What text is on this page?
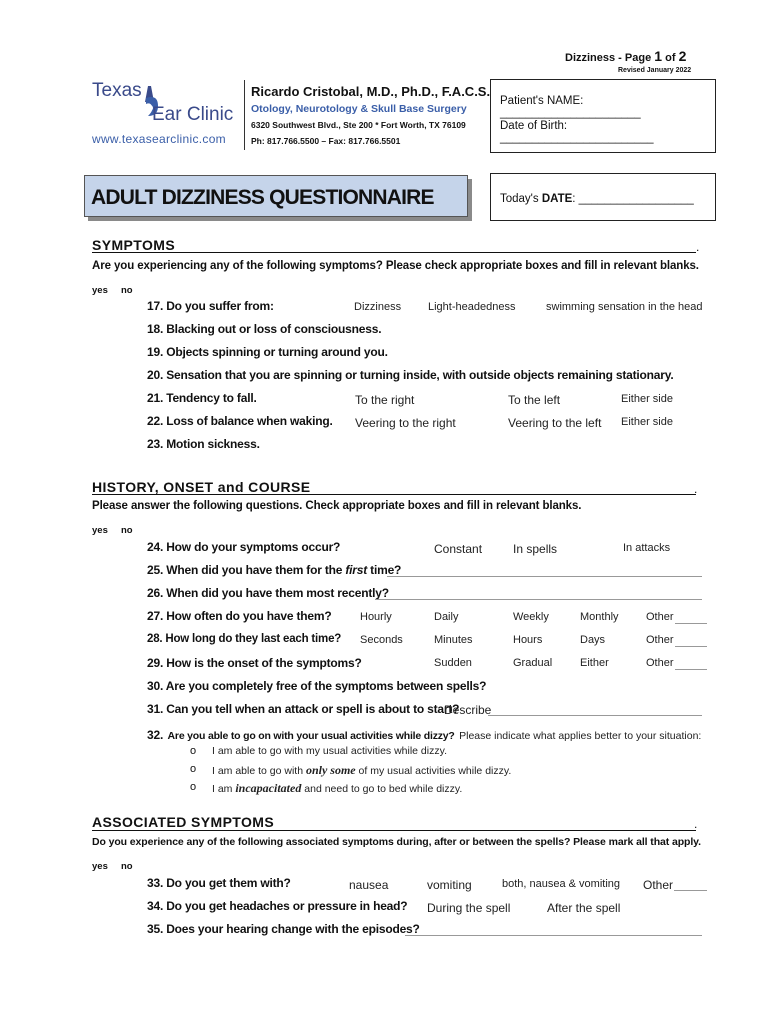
Dizziness - Page 1 of 2
Revised January 2022
Texas
Ear Clinic
www.texasearclinic.com
Ricardo Cristobal, M.D., Ph.D., F.A.C.S.
Otology, Neurotology & Skull Base Surgery
6320 Southwest Blvd., Ste 200 * Fort Worth, TX 76109
Ph: 817.766.5500 – Fax: 817.766.5501
Patient's NAME: ______________________
Date of Birth: ________________________
ADULT DIZZINESS QUESTIONNAIRE	Today's DATE: __________________
SYMPTOMS	.
Are you experiencing any of the following symptoms? Please check appropriate boxes and fill in relevant blanks.
yes no
17. Do you suffer from:	Dizziness Light-headedness	swimming sensation in the head
18. Blacking out or loss of consciousness.
19. Objects spinning or turning around you.
20. Sensation that you are spinning or turning inside, with outside objects remaining stationary.
21. Tendency to fall.	To the right	To the left	Either side
22. Loss of balance when waking. Veering to the right	Veering to the left Either side
23. Motion sickness.
HISTORY, ONSET and COURSE	.
Please answer the following questions. Check appropriate boxes and fill in relevant blanks.
yes no
24. How do your symptoms occur?	Constant	In spells	In attacks
25. When did you have them for the first time?
26. When did you have them most recently?
27. How often do you have them?	Hourly	Daily	Weekly	Monthly Other
28. How long do they last each time? Seconds	Minutes	Hours	Days	Other
29. How is the onset of the symptoms?	Sudden	Gradual	Either	Other
30. Are you completely free of the symptoms between spells?
31. Can you tell when an attack or spell is about to start?
Describe
32. Are you able to go on with your usual activities while dizzy? Please indicate what applies better to your situation:
o I am able to go with my usual activities while dizzy.
o I am able to go with only some of my usual activities while dizzy.
o I am incapacitated and need to go to bed while dizzy.
ASSOCIATED SYMPTOMS	.
Do you experience any of the following associated symptoms during, after or between the spells? Please mark all that apply.
yes no
33. Do you get them with?	nausea	vomiting	both, nausea & vomiting Other
34. Do you get headaches or pressure in head? During the spell	After the spell
35. Does your hearing change with the episodes?
